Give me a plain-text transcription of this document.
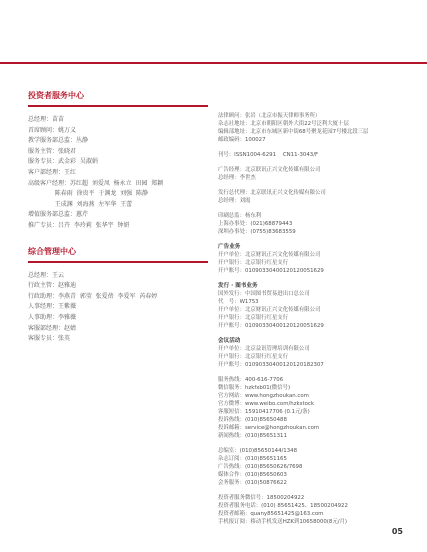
投资者服务中心
总经理：苗苗
首席顾问：姚万义
教学服务部总监：丛静
服务主管：张晓君
服务专员：武金彩  吴淑娟
客户部经理：王红
高级客户经理：苏红超  刘爱凤  杨永立  田园  郑颖
陈春雨  徐贵平  于渊龙  刘强  陈静
王成渊  刘海燕  左军华  王蕾
增值服务部总监：蕙芹
推广专员：吕卉  李玲莉  张华宇  钟妍
综合管理中心
总经理：王云
行政主管：赵雅迪
行政助理：李燕青  郭莹  张爱蓓  李爱军  芮春婷
人事经理：王紫薇
人事助理：李雅薇
客服部经理：赵婧
客服专员：张英
法律顾问：张岩（北京市振天律师事务所）
杂志社地址：北京市朝阳区朝外大街22号泛利大厦十层
编辑部地址：北京市东城区新中街68号聚龙花园7号楼北段三层
邮政编码：100027
刊号：ISSN1004-6291    CN11-3043/F
广告经理：北京联讯正兴文化传媒有限公司
总经理：李世杰
发行总代理：北京联讯正兴文化传媒有限公司
总经理：刘霞
印刷总监：杨东利
上海办事处：(021)68879443
深圳办事处：(0755)83683559
广告业务
开户单位：北京财讯正兴文化传媒有限公司
开户银行：北京银行红星支行
开户账号：01090330400120120051629
发行 · 图书业务
国外发行：中国图书贸易进出口总公司
代　号：W1753
开户单位：北京财讯正兴文化传媒有限公司
开户银行：北京银行红星支行
开户账号：01090330400120120051629
会议活动
开户单位：北京益讯管理培训有限公司
开户银行：北京银行红星支行
开户账号：01090330400120120182307
服务热线：400-616-7706
微信服务：hzkfxb01(微信号)
官方网站：www.hongzhoukan.com
官方微博：www.weibo.com/hzkstock
客服短信：15910417706 (0.1元/条)
投诉热线：(010)85650488
投诉邮箱：service@hongzhoukan.com
新闻热线：(010)85651311
总编室：(010)85650144/1348
杂志订阅：(010)85651165
广告热线：(010)85650626/7698
媒体合作：(010)85650603
会务服务：(010)50876622
投资者服务微信号：18500204922
投资者服务电话：(010) 85651425、18500204922
投资者邮箱：quany85651425@163.com
手机报订阅：移动手机发送HZK到10658000(8元/月)
05
